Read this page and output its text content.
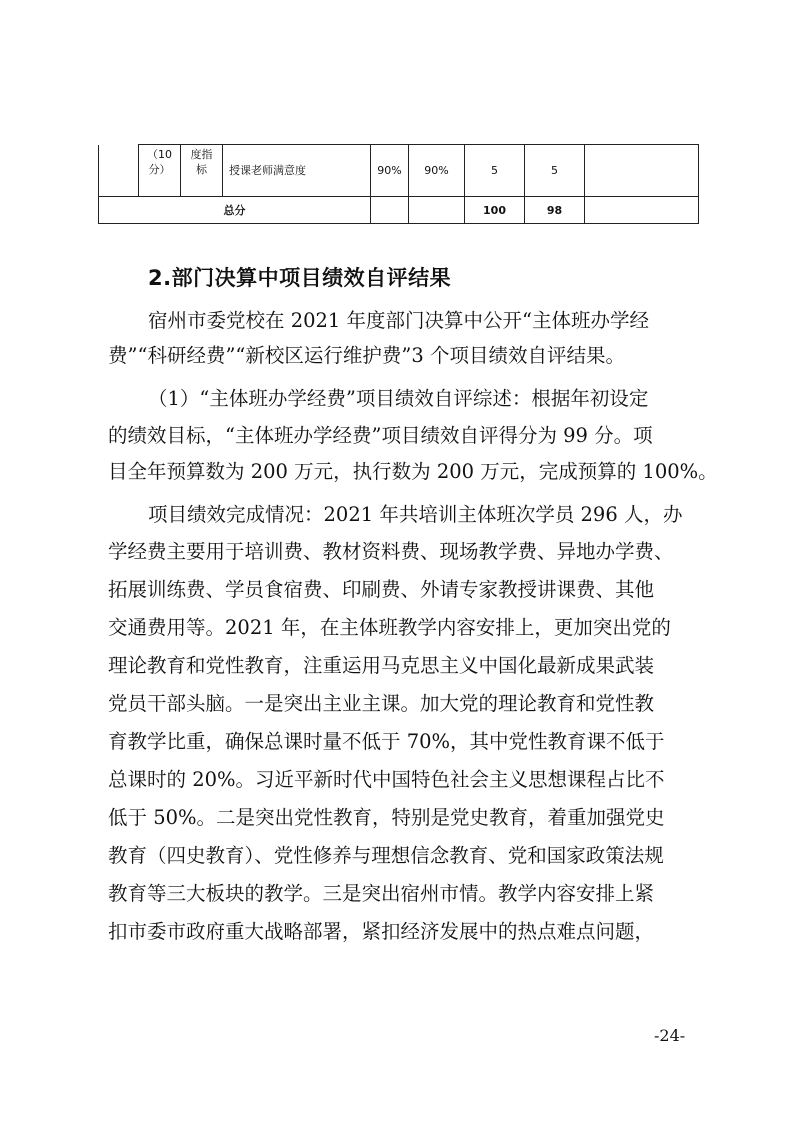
	（10
分）	度指
标	授课老师满意度	90%	90%	5	5	
总分						100	98	
2.部门决算中项目绩效自评结果
宿州市委党校在 2021 年度部门决算中公开“主体班办学经
费”“科研经费”“新校区运行维护费”3 个项目绩效自评结果。
（1）“主体班办学经费”项目绩效自评综述：根据年初设定
的绩效目标，“主体班办学经费”项目绩效自评得分为 99 分。项
目全年预算数为 200 万元，执行数为 200 万元，完成预算的 100%。
项目绩效完成情况：2021 年共培训主体班次学员 296 人，办
学经费主要用于培训费、教材资料费、现场教学费、异地办学费、
拓展训练费、学员食宿费、印刷费、外请专家教授讲课费、其他
交通费用等。2021 年，在主体班教学内容安排上，更加突出党的
理论教育和党性教育，注重运用马克思主义中国化最新成果武装
党员干部头脑。一是突出主业主课。加大党的理论教育和党性教
育教学比重，确保总课时量不低于 70%，其中党性教育课不低于
总课时的 20%。习近平新时代中国特色社会主义思想课程占比不
低于 50%。二是突出党性教育，特别是党史教育，着重加强党史
教育（四史教育）、党性修养与理想信念教育、党和国家政策法规
教育等三大板块的教学。三是突出宿州市情。教学内容安排上紧
扣市委市政府重大战略部署，紧扣经济发展中的热点难点问题，
-24-
